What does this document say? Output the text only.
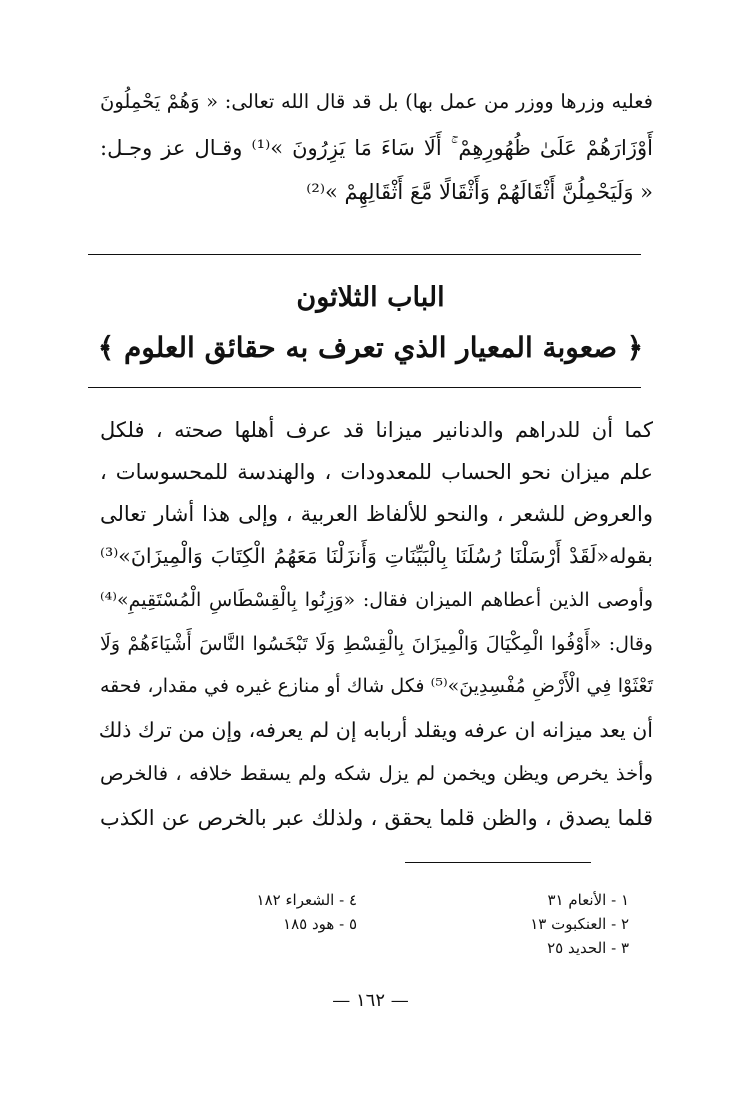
فعليه وزرها ووزر من عمل بها) بل قد قال الله تعالى: « وَهُمْ يَحْمِلُونَ
أَوْزَارَهُمْ عَلَىٰ ظُهُورِهِمْ ۚ أَلَا سَاءَ مَا يَزِرُونَ »⁽¹⁾ وقـال عز وجـل:
« وَلَيَحْمِلُنَّ أَثْقَالَهُمْ وَأَثْقَالًا مَّعَ أَثْقَالِهِمْ »⁽²⁾
الباب الثلاثون
﴿ صعوبة المعيار الذي تعرف به حقائق العلوم ﴾
كما أن للدراهم والدنانير ميزانا قد عرف أهلها صحته ، فلكل
علم ميزان نحو الحساب للمعدودات ، والهندسة للمحسوسات ،
والعروض للشعر ، والنحو للألفاظ العربية ، وإلى هذا أشار تعالى
بقوله«لَقَدْ أَرْسَلْنَا رُسُلَنَا بِالْبَيِّنَاتِ وَأَنزَلْنَا مَعَهُمُ الْكِتَابَ وَالْمِيزَانَ»⁽³⁾
وأوصى الذين أعطاهم الميزان فقال: «وَزِنُوا بِالْقِسْطَاسِ الْمُسْتَقِيمِ»⁽⁴⁾
وقال: «أَوْفُوا الْمِكْيَالَ وَالْمِيزَانَ بِالْقِسْطِ وَلَا تَبْخَسُوا النَّاسَ أَشْيَاءَهُمْ وَلَا
تَعْثَوْا فِي الْأَرْضِ مُفْسِدِينَ»⁽⁵⁾ فكل شاك أو منازع غيره في مقدار، فحقه
أن يعد ميزانه ان عرفه ويقلد أربابه إن لم يعرفه، وإن من ترك ذلك
وأخذ يخرص ويظن ويخمن لم يزل شكه ولم يسقط خلافه ، فالخرص
قلما يصدق ، والظن قلما يحقق ، ولذلك عبر بالخرص عن الكذب
١ - الأنعام ٣١
٢ - العنكبوت ١٣
٣ - الحديد ٢٥
٤ - الشعراء ١٨٢
٥ - هود ١٨٥
— ١٦٢ —
